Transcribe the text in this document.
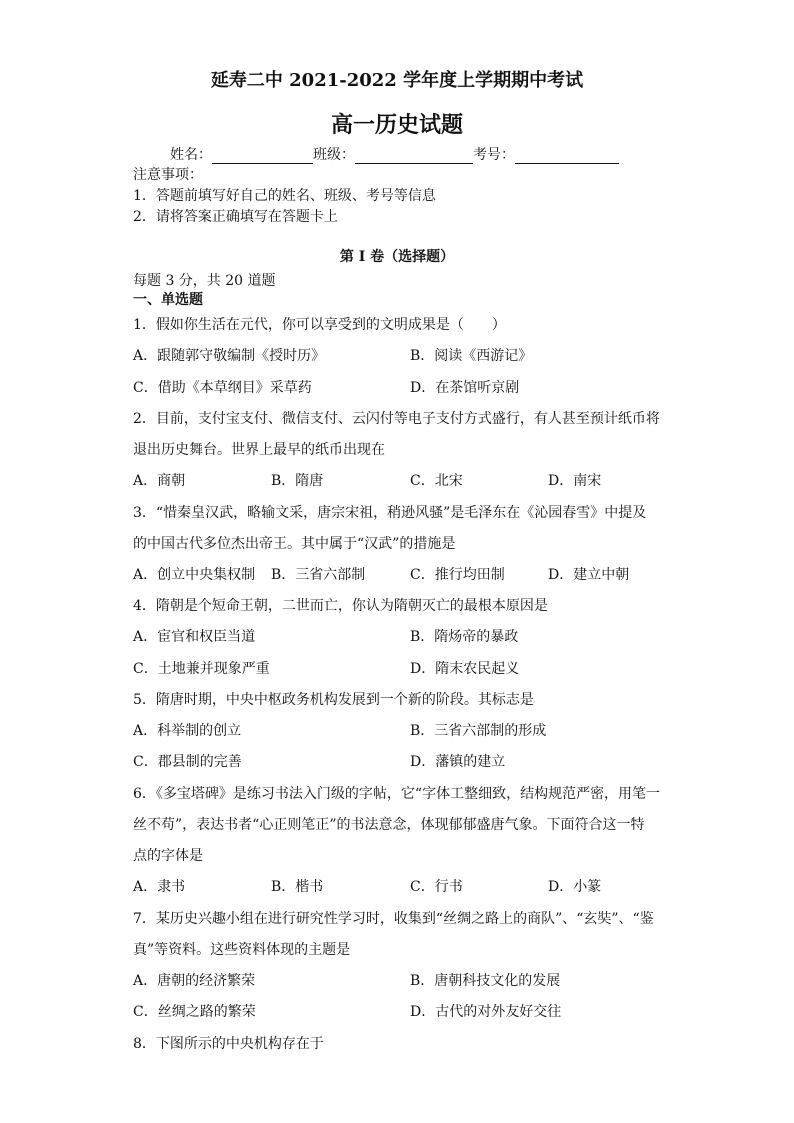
延寿二中 2021-2022 学年度上学期期中考试
高一历史试题
姓名：	班级：	考号：
注意事项：
1．答题前填写好自己的姓名、班级、考号等信息
2．请将答案正确填写在答题卡上
第 I 卷（选择题）
每题 3 分，共 20 道题
一、单选题
1．假如你生活在元代，你可以享受到的文明成果是（　　）
A．跟随郭守敬编制《授时历》	B．阅读《西游记》
C．借助《本草纲目》采草药	D．在茶馆听京剧
2．目前，支付宝支付、微信支付、云闪付等电子支付方式盛行，有人甚至预计纸币将
退出历史舞台。世界上最早的纸币出现在
A．商朝	B．隋唐	C．北宋	D．南宋
3．“惜秦皇汉武，略输文采，唐宗宋祖，稍逊风骚”是毛泽东在《沁园春雪》中提及
的中国古代多位杰出帝王。其中属于“汉武”的措施是
A．创立中央集权制 B．三省六部制	C．推行均田制	D．建立中朝
4．隋朝是个短命王朝，二世而亡，你认为隋朝灭亡的最根本原因是
A．宦官和权臣当道	B．隋炀帝的暴政
C．土地兼并现象严重	D．隋末农民起义
5．隋唐时期，中央中枢政务机构发展到一个新的阶段。其标志是
A．科举制的创立	B．三省六部制的形成
C．郡县制的完善	D．藩镇的建立
6．《多宝塔碑》是练习书法入门级的字帖，它“字体工整细致，结构规范严密，用笔一
丝不苟”，表达书者“心正则笔正”的书法意念，体现郁郁盛唐气象。下面符合这一特
点的字体是
A．隶书	B．楷书	C．行书	D．小篆
7．某历史兴趣小组在进行研究性学习时，收集到“丝绸之路上的商队”、“玄奘”、“鉴
真”等资料。这些资料体现的主题是
A．唐朝的经济繁荣	B．唐朝科技文化的发展
C．丝绸之路的繁荣	D．古代的对外友好交往
8．下图所示的中央机构存在于
